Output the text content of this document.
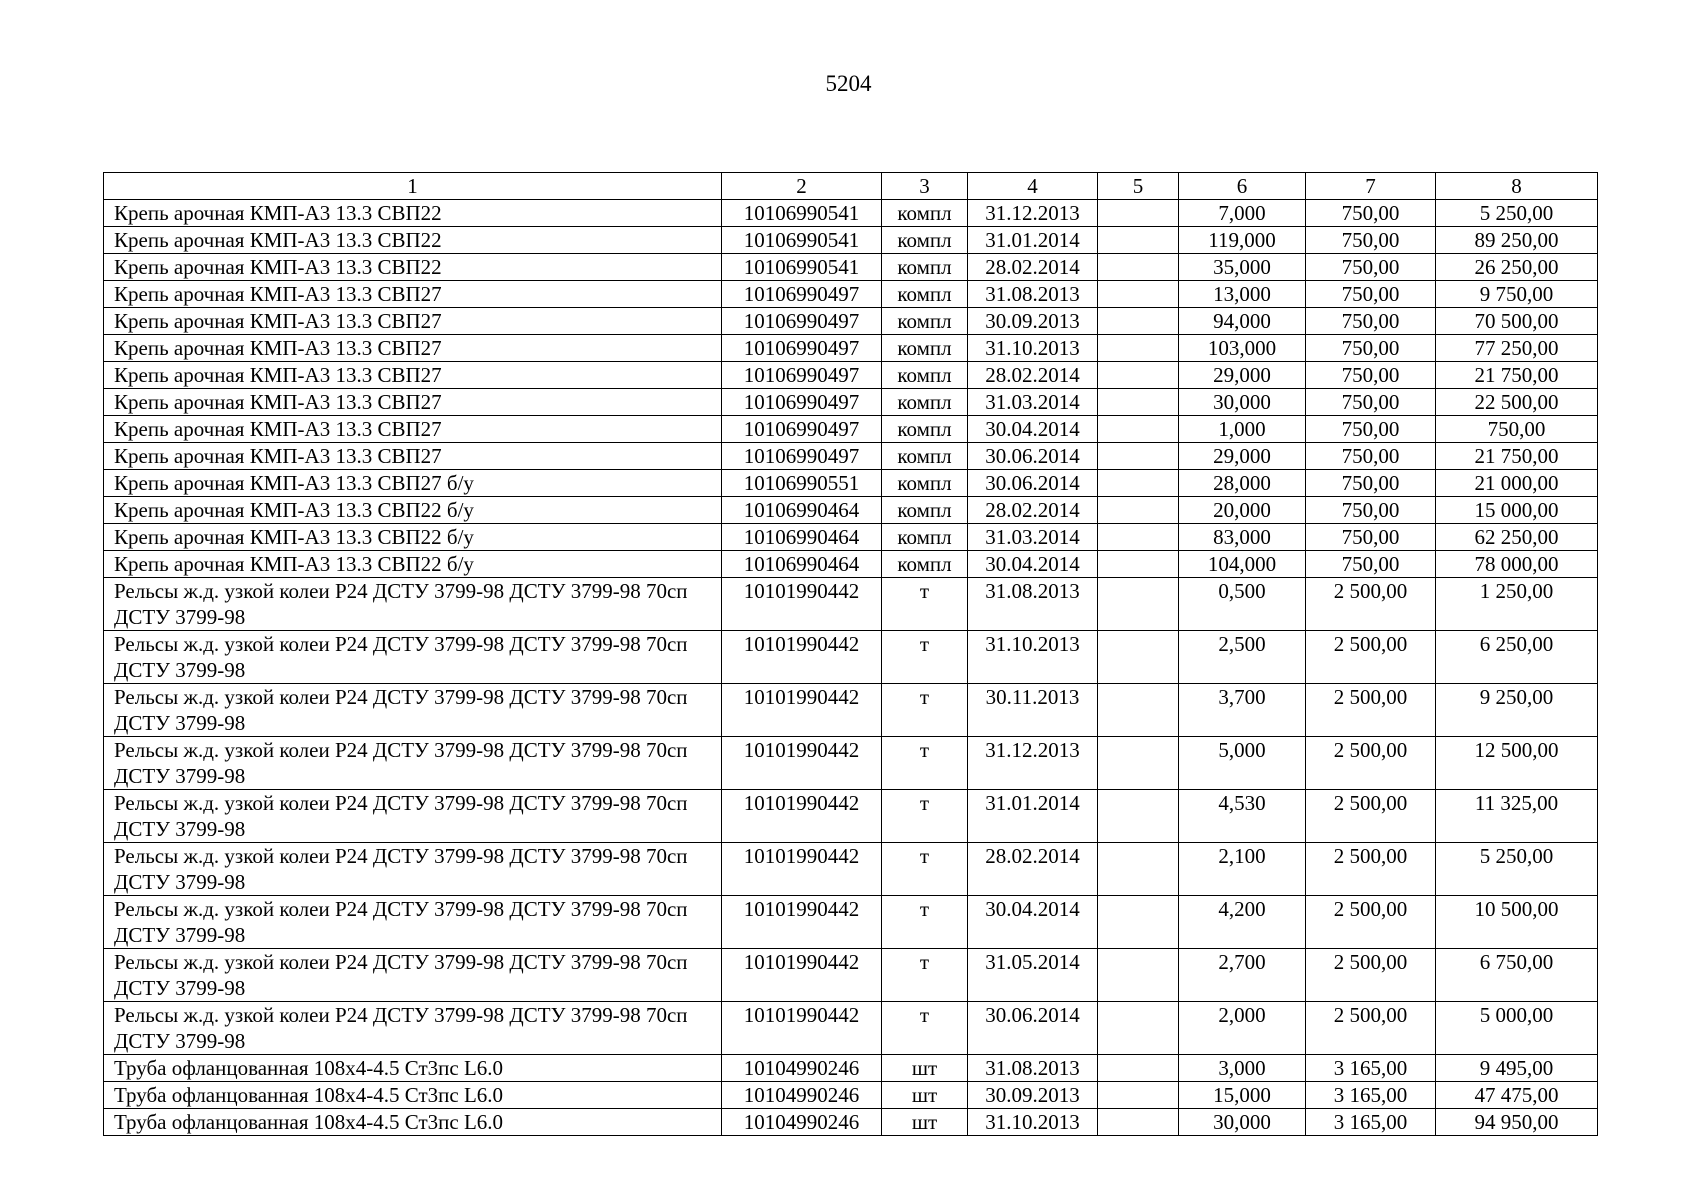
5204
1	2	3	4	5	6	7	8
Крепь арочная КМП-А3 13.3 СВП22	10106990541	компл	31.12.2013		7,000	750,00	5 250,00
Крепь арочная КМП-А3 13.3 СВП22	10106990541	компл	31.01.2014		119,000	750,00	89 250,00
Крепь арочная КМП-А3 13.3 СВП22	10106990541	компл	28.02.2014		35,000	750,00	26 250,00
Крепь арочная КМП-А3 13.3 СВП27	10106990497	компл	31.08.2013		13,000	750,00	9 750,00
Крепь арочная КМП-А3 13.3 СВП27	10106990497	компл	30.09.2013		94,000	750,00	70 500,00
Крепь арочная КМП-А3 13.3 СВП27	10106990497	компл	31.10.2013		103,000	750,00	77 250,00
Крепь арочная КМП-А3 13.3 СВП27	10106990497	компл	28.02.2014		29,000	750,00	21 750,00
Крепь арочная КМП-А3 13.3 СВП27	10106990497	компл	31.03.2014		30,000	750,00	22 500,00
Крепь арочная КМП-А3 13.3 СВП27	10106990497	компл	30.04.2014		1,000	750,00	750,00
Крепь арочная КМП-А3 13.3 СВП27	10106990497	компл	30.06.2014		29,000	750,00	21 750,00
Крепь арочная КМП-А3 13.3 СВП27 б/у	10106990551	компл	30.06.2014		28,000	750,00	21 000,00
Крепь арочная КМП-А3 13.3 СВП22 б/у	10106990464	компл	28.02.2014		20,000	750,00	15 000,00
Крепь арочная КМП-А3 13.3 СВП22 б/у	10106990464	компл	31.03.2014		83,000	750,00	62 250,00
Крепь арочная КМП-А3 13.3 СВП22 б/у	10106990464	компл	30.04.2014		104,000	750,00	78 000,00
Рельсы ж.д. узкой колеи Р24 ДСТУ 3799-98 ДСТУ 3799-98 70сп ДСТУ 3799-98	10101990442	т	31.08.2013		0,500	2 500,00	1 250,00
Рельсы ж.д. узкой колеи Р24 ДСТУ 3799-98 ДСТУ 3799-98 70сп ДСТУ 3799-98	10101990442	т	31.10.2013		2,500	2 500,00	6 250,00
Рельсы ж.д. узкой колеи Р24 ДСТУ 3799-98 ДСТУ 3799-98 70сп ДСТУ 3799-98	10101990442	т	30.11.2013		3,700	2 500,00	9 250,00
Рельсы ж.д. узкой колеи Р24 ДСТУ 3799-98 ДСТУ 3799-98 70сп ДСТУ 3799-98	10101990442	т	31.12.2013		5,000	2 500,00	12 500,00
Рельсы ж.д. узкой колеи Р24 ДСТУ 3799-98 ДСТУ 3799-98 70сп ДСТУ 3799-98	10101990442	т	31.01.2014		4,530	2 500,00	11 325,00
Рельсы ж.д. узкой колеи Р24 ДСТУ 3799-98 ДСТУ 3799-98 70сп ДСТУ 3799-98	10101990442	т	28.02.2014		2,100	2 500,00	5 250,00
Рельсы ж.д. узкой колеи Р24 ДСТУ 3799-98 ДСТУ 3799-98 70сп ДСТУ 3799-98	10101990442	т	30.04.2014		4,200	2 500,00	10 500,00
Рельсы ж.д. узкой колеи Р24 ДСТУ 3799-98 ДСТУ 3799-98 70сп ДСТУ 3799-98	10101990442	т	31.05.2014		2,700	2 500,00	6 750,00
Рельсы ж.д. узкой колеи Р24 ДСТУ 3799-98 ДСТУ 3799-98 70сп ДСТУ 3799-98	10101990442	т	30.06.2014		2,000	2 500,00	5 000,00
Труба офланцованная 108х4-4.5 Ст3пс L6.0	10104990246	шт	31.08.2013		3,000	3 165,00	9 495,00
Труба офланцованная 108х4-4.5 Ст3пс L6.0	10104990246	шт	30.09.2013		15,000	3 165,00	47 475,00
Труба офланцованная 108х4-4.5 Ст3пс L6.0	10104990246	шт	31.10.2013		30,000	3 165,00	94 950,00
